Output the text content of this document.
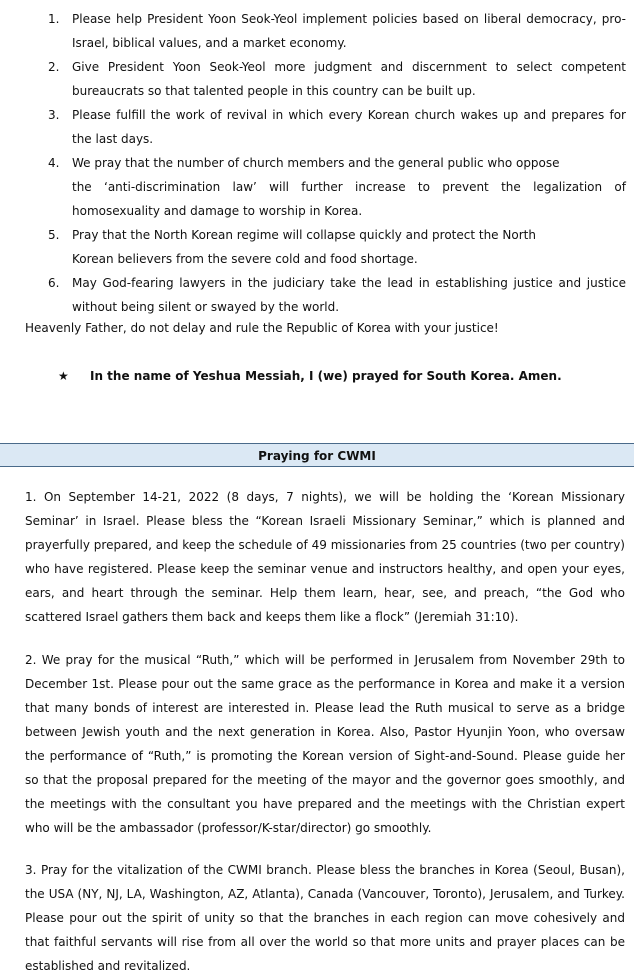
1. Please help President Yoon Seok-Yeol implement policies based on liberal democracy, pro-Israel, biblical values, and a market economy.
2. Give President Yoon Seok-Yeol more judgment and discernment to select competent bureaucrats so that talented people in this country can be built up.
3. Please fulfill the work of revival in which every Korean church wakes up and prepares for the last days.
4. We pray that the number of church members and the general public who oppose
the ‘anti-discrimination law’ will further increase to prevent the legalization of homosexuality and damage to worship in Korea.
5. Pray that the North Korean regime will collapse quickly and protect the North
Korean believers from the severe cold and food shortage.
6. May God-fearing lawyers in the judiciary take the lead in establishing justice and justice without being silent or swayed by the world.
Heavenly Father, do not delay and rule the Republic of Korea with your justice!
★ In the name of Yeshua Messiah, I (we) prayed for South Korea. Amen.
Praying for CWMI
1. On September 14-21, 2022 (8 days, 7 nights), we will be holding the ‘Korean Missionary Seminar’ in Israel. Please bless the “Korean Israeli Missionary Seminar,” which is planned and prayerfully prepared, and keep the schedule of 49 missionaries from 25 countries (two per country) who have registered. Please keep the seminar venue and instructors healthy, and open your eyes, ears, and heart through the seminar. Help them learn, hear, see, and preach, “the God who scattered Israel gathers them back and keeps them like a flock” (Jeremiah 31:10).
2. We pray for the musical “Ruth,” which will be performed in Jerusalem from November 29th to December 1st. Please pour out the same grace as the performance in Korea and make it a version that many bonds of interest are interested in. Please lead the Ruth musical to serve as a bridge between Jewish youth and the next generation in Korea. Also, Pastor Hyunjin Yoon, who oversaw the performance of “Ruth,” is promoting the Korean version of Sight-and-Sound. Please guide her so that the proposal prepared for the meeting of the mayor and the governor goes smoothly, and the meetings with the consultant you have prepared and the meetings with the Christian expert who will be the ambassador (professor/K-star/director) go smoothly.
3. Pray for the vitalization of the CWMI branch. Please bless the branches in Korea (Seoul, Busan), the USA (NY, NJ, LA, Washington, AZ, Atlanta), Canada (Vancouver, Toronto), Jerusalem, and Turkey. Please pour out the spirit of unity so that the branches in each region can move cohesively and that faithful servants will rise from all over the world so that more units and prayer places can be established and revitalized.
